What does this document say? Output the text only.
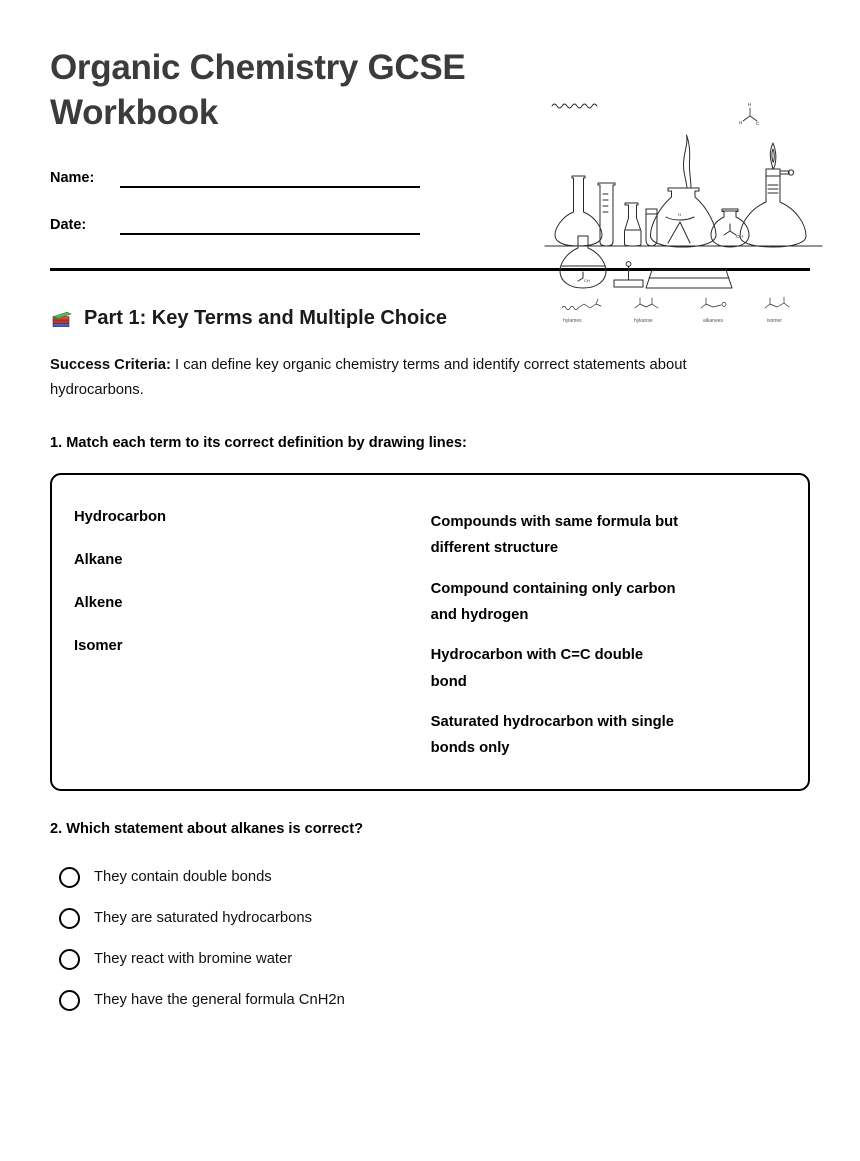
Organic Chemistry GCSE Workbook
Name:
Date:
H
H	C
H
OH
CH
hylames	hykanse	alkanees	isomer
Part 1: Key Terms and Multiple Choice
Success Criteria: I can define key organic chemistry terms and identify correct statements about hydrocarbons.
1. Match each term to its correct definition by drawing lines:
Hydrocarbon
Alkane
Alkene
Isomer
Compounds with same formula but different structure
Compound containing only carbon and hydrogen
Hydrocarbon with C=C double bond
Saturated hydrocarbon with single bonds only
2. Which statement about alkanes is correct?
They contain double bonds
They are saturated hydrocarbons
They react with bromine water
They have the general formula CnH2n
